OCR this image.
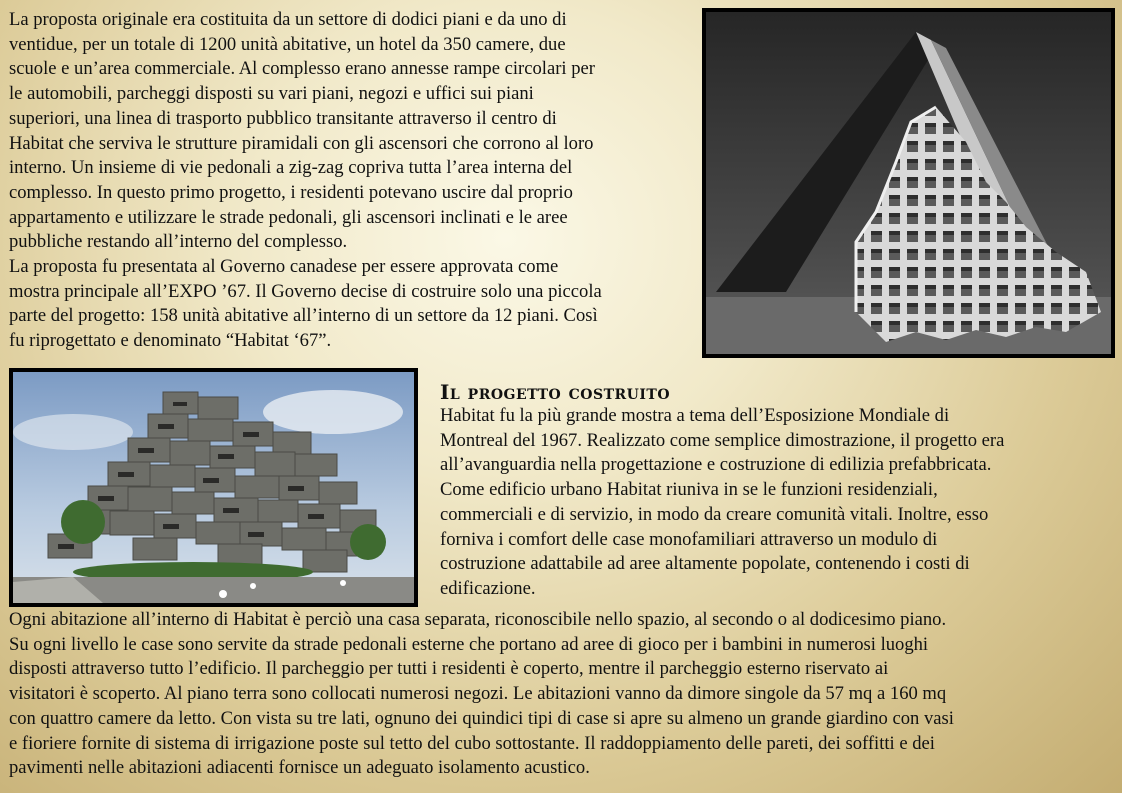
La proposta originale era costituita da un settore di dodici piani e da uno di
ventidue, per un totale di 1200 unità abitative, un hotel da 350 camere, due
scuole e un’area commerciale. Al complesso erano annesse rampe circolari per
le automobili, parcheggi disposti su vari piani, negozi e uffici sui piani
superiori, una linea di trasporto pubblico transitante attraverso il centro di
Habitat che serviva le strutture piramidali con gli ascensori che corrono al loro
interno. Un insieme di vie pedonali a zig-zag copriva tutta l’area interna del
complesso. In questo primo progetto, i residenti potevano uscire dal proprio
appartamento e utilizzare le strade pedonali, gli ascensori inclinati e le aree
pubbliche restando all’interno del complesso.
La proposta fu presentata al Governo canadese per essere approvata come
mostra principale all’EXPO ’67. Il Governo decise di costruire solo una piccola
parte del progetto: 158 unità abitative all’interno di un settore da 12 piani. Così
fu riprogettato e denominato “Habitat ‘67”.

Il progetto costruito
Habitat fu la più grande mostra a tema dell’Esposizione Mondiale di
Montreal del 1967. Realizzato come semplice dimostrazione, il progetto era
all’avanguardia nella progettazione e costruzione di edilizia prefabbricata.
Come edificio urbano Habitat riuniva in se le funzioni residenziali,
commerciali e di servizio, in modo da creare comunità vitali. Inoltre, esso
forniva i comfort delle case monofamiliari attraverso un modulo di
costruzione adattabile ad aree altamente popolate, contenendo i costi di
edificazione.

Ogni abitazione all’interno di Habitat è perciò una casa separata, riconoscibile nello spazio, al secondo o al dodicesimo piano.
Su ogni livello le case sono servite da strade pedonali esterne che portano ad aree di gioco per i bambini in numerosi luoghi
disposti attraverso tutto l’edificio. Il parcheggio per tutti i residenti è coperto, mentre il parcheggio esterno riservato ai
visitatori è scoperto. Al piano terra sono collocati numerosi negozi. Le abitazioni vanno da dimore singole da 57 mq a 160 mq
con quattro camere da letto. Con vista su tre lati, ognuno dei quindici tipi di case si apre su almeno un grande giardino con vasi
e fioriere fornite di sistema di irrigazione poste sul tetto del cubo sottostante. Il raddoppiamento delle pareti, dei soffitti e dei
pavimenti nelle abitazioni adiacenti fornisce un adeguato isolamento acustico.
